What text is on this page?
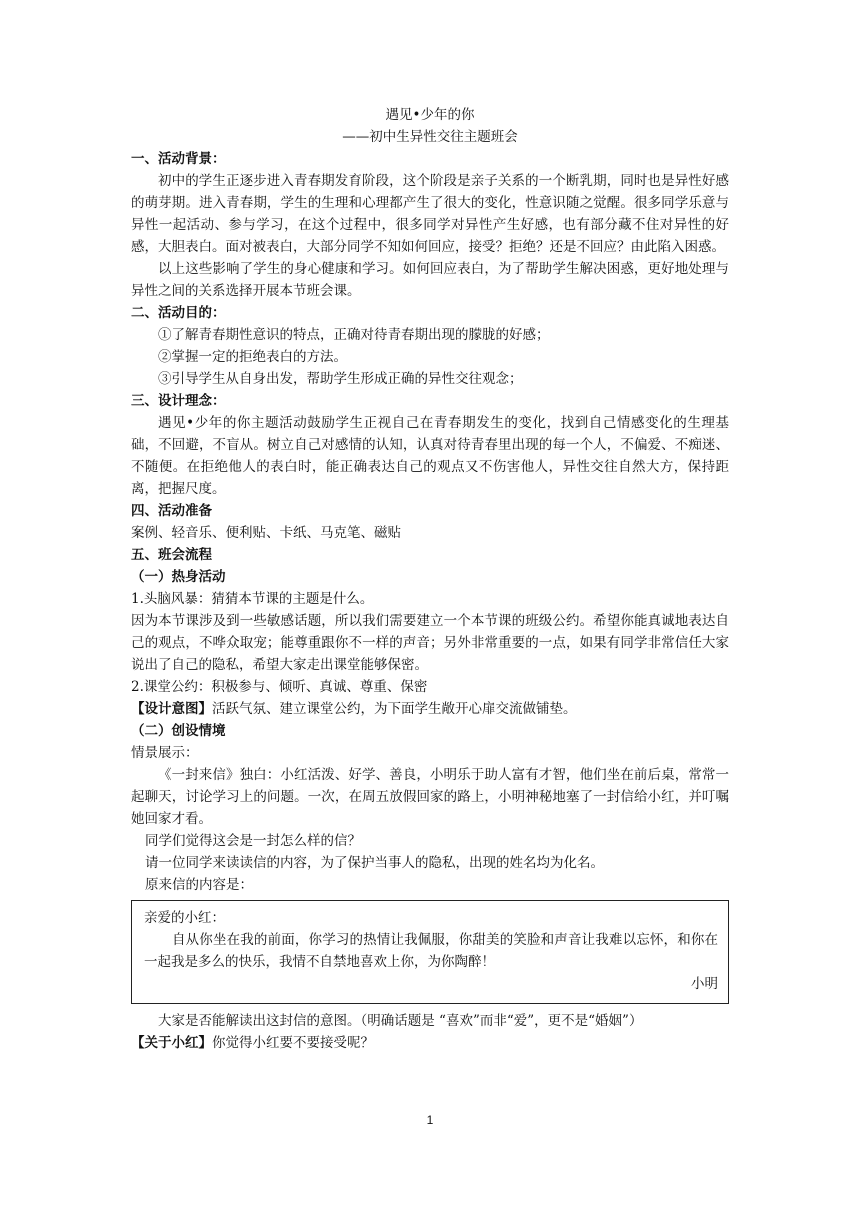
遇见•少年的你

——初中生异性交往主题班会

一、活动背景：

初中的学生正逐步进入青春期发育阶段，这个阶段是亲子关系的一个断乳期，同时也是异性好感的萌芽期。进入青春期，学生的生理和心理都产生了很大的变化，性意识随之觉醒。很多同学乐意与异性一起活动、参与学习，在这个过程中，很多同学对异性产生好感，也有部分藏不住对异性的好感，大胆表白。面对被表白，大部分同学不知如何回应，接受？拒绝？还是不回应？由此陷入困惑。

以上这些影响了学生的身心健康和学习。如何回应表白，为了帮助学生解决困惑，更好地处理与异性之间的关系选择开展本节班会课。

二、活动目的：

①了解青春期性意识的特点，正确对待青春期出现的朦胧的好感；

②掌握一定的拒绝表白的方法。

③引导学生从自身出发，帮助学生形成正确的异性交往观念；

三、设计理念：

遇见•少年的你主题活动鼓励学生正视自己在青春期发生的变化，找到自己情感变化的生理基础，不回避，不盲从。树立自己对感情的认知，认真对待青春里出现的每一个人，不偏爱、不痴迷、不随便。在拒绝他人的表白时，能正确表达自己的观点又不伤害他人，异性交往自然大方，保持距离，把握尺度。

四、活动准备

案例、轻音乐、便利贴、卡纸、马克笔、磁贴

五、班会流程

（一）热身活动

1.头脑风暴：猜猜本节课的主题是什么。

因为本节课涉及到一些敏感话题，所以我们需要建立一个本节课的班级公约。希望你能真诚地表达自己的观点，不哗众取宠；能尊重跟你不一样的声音；另外非常重要的一点，如果有同学非常信任大家说出了自己的隐私，希望大家走出课堂能够保密。

2.课堂公约：积极参与、倾听、真诚、尊重、保密

【设计意图】活跃气氛、建立课堂公约，为下面学生敞开心扉交流做铺垫。

（二）创设情境

情景展示：

《一封来信》独白：小红活泼、好学、善良，小明乐于助人富有才智，他们坐在前后桌，常常一起聊天，讨论学习上的问题。一次，在周五放假回家的路上，小明神秘地塞了一封信给小红，并叮嘱她回家才看。

同学们觉得这会是一封怎么样的信？

请一位同学来读读信的内容，为了保护当事人的隐私，出现的姓名均为化名。

原来信的内容是：

亲爱的小红：

自从你坐在我的前面，你学习的热情让我佩服，你甜美的笑脸和声音让我难以忘怀，和你在一起我是多么的快乐，我情不自禁地喜欢上你，为你陶醉！

小明

大家是否能解读出这封信的意图。（明确话题是 “喜欢”而非“爱”，更不是“婚姻”）

【关于小红】你觉得小红要不要接受呢？

1
